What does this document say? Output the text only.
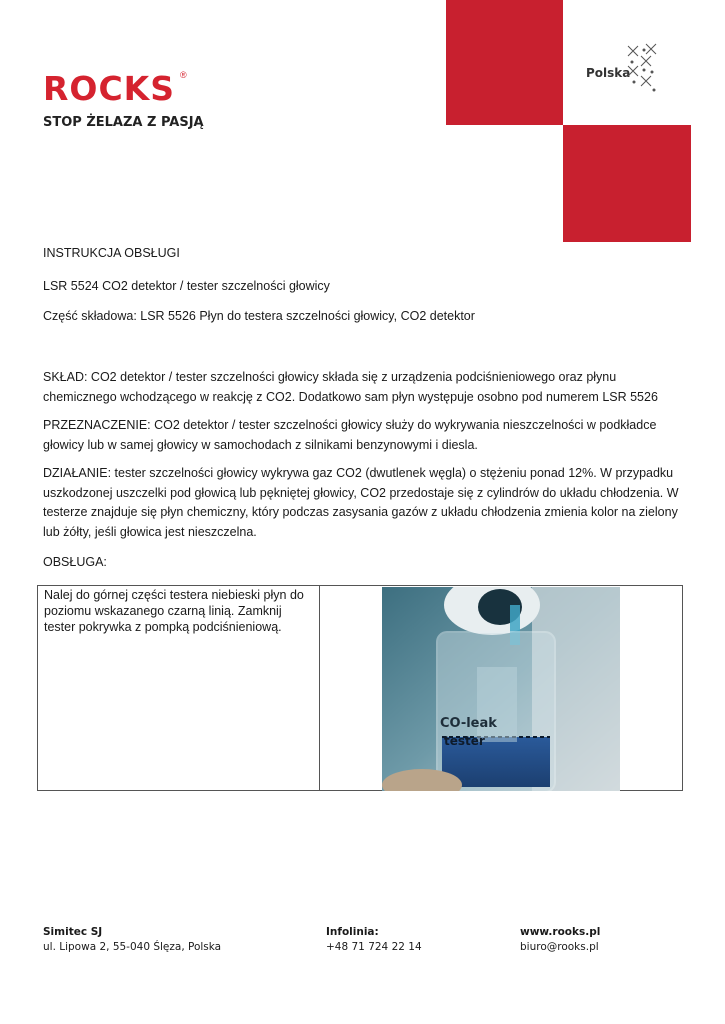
ROCKS ®
STOP ŻELAZA Z PASJĄ
Polska

INSTRUKCJA OBSŁUGI

LSR 5524 CO2 detektor / tester szczelności głowicy

Część składowa: LSR 5526 Płyn do testera szczelności głowicy, CO2 detektor

SKŁAD: CO2 detektor / tester szczelności głowicy składa się z urządzenia podciśnieniowego oraz płynu chemicznego wchodzącego w reakcję z CO2. Dodatkowo sam płyn występuje osobno pod numerem LSR 5526

PRZEZNACZENIE: CO2 detektor / tester szczelności głowicy służy do wykrywania nieszczelności w podkładce głowicy lub w samej głowicy w samochodach z silnikami benzynowymi i diesla.

DZIAŁANIE: tester szczelności głowicy wykrywa gaz CO2 (dwutlenek węgla) o stężeniu ponad 12%. W przypadku uszkodzonej uszczelki pod głowicą lub pękniętej głowicy, CO2 przedostaje się z cylindrów do układu chłodzenia. W testerze znajduje się płyn chemiczny, który podczas zasysania gazów z układu chłodzenia zmienia kolor na zielony lub żółty, jeśli głowica jest nieszczelna.

OBSŁUGA:

Nalej do górnej części testera niebieski płyn do poziomu wskazanego czarną linią. Zamknij tester pokrywka z pompką podciśnieniową.
CO-leak
tester
Simitec SJ
ul. Lipowa 2, 55-040 Ślęza, Polska
Infolinia:
+48 71 724 22 14
www.rooks.pl
biuro@rooks.pl
